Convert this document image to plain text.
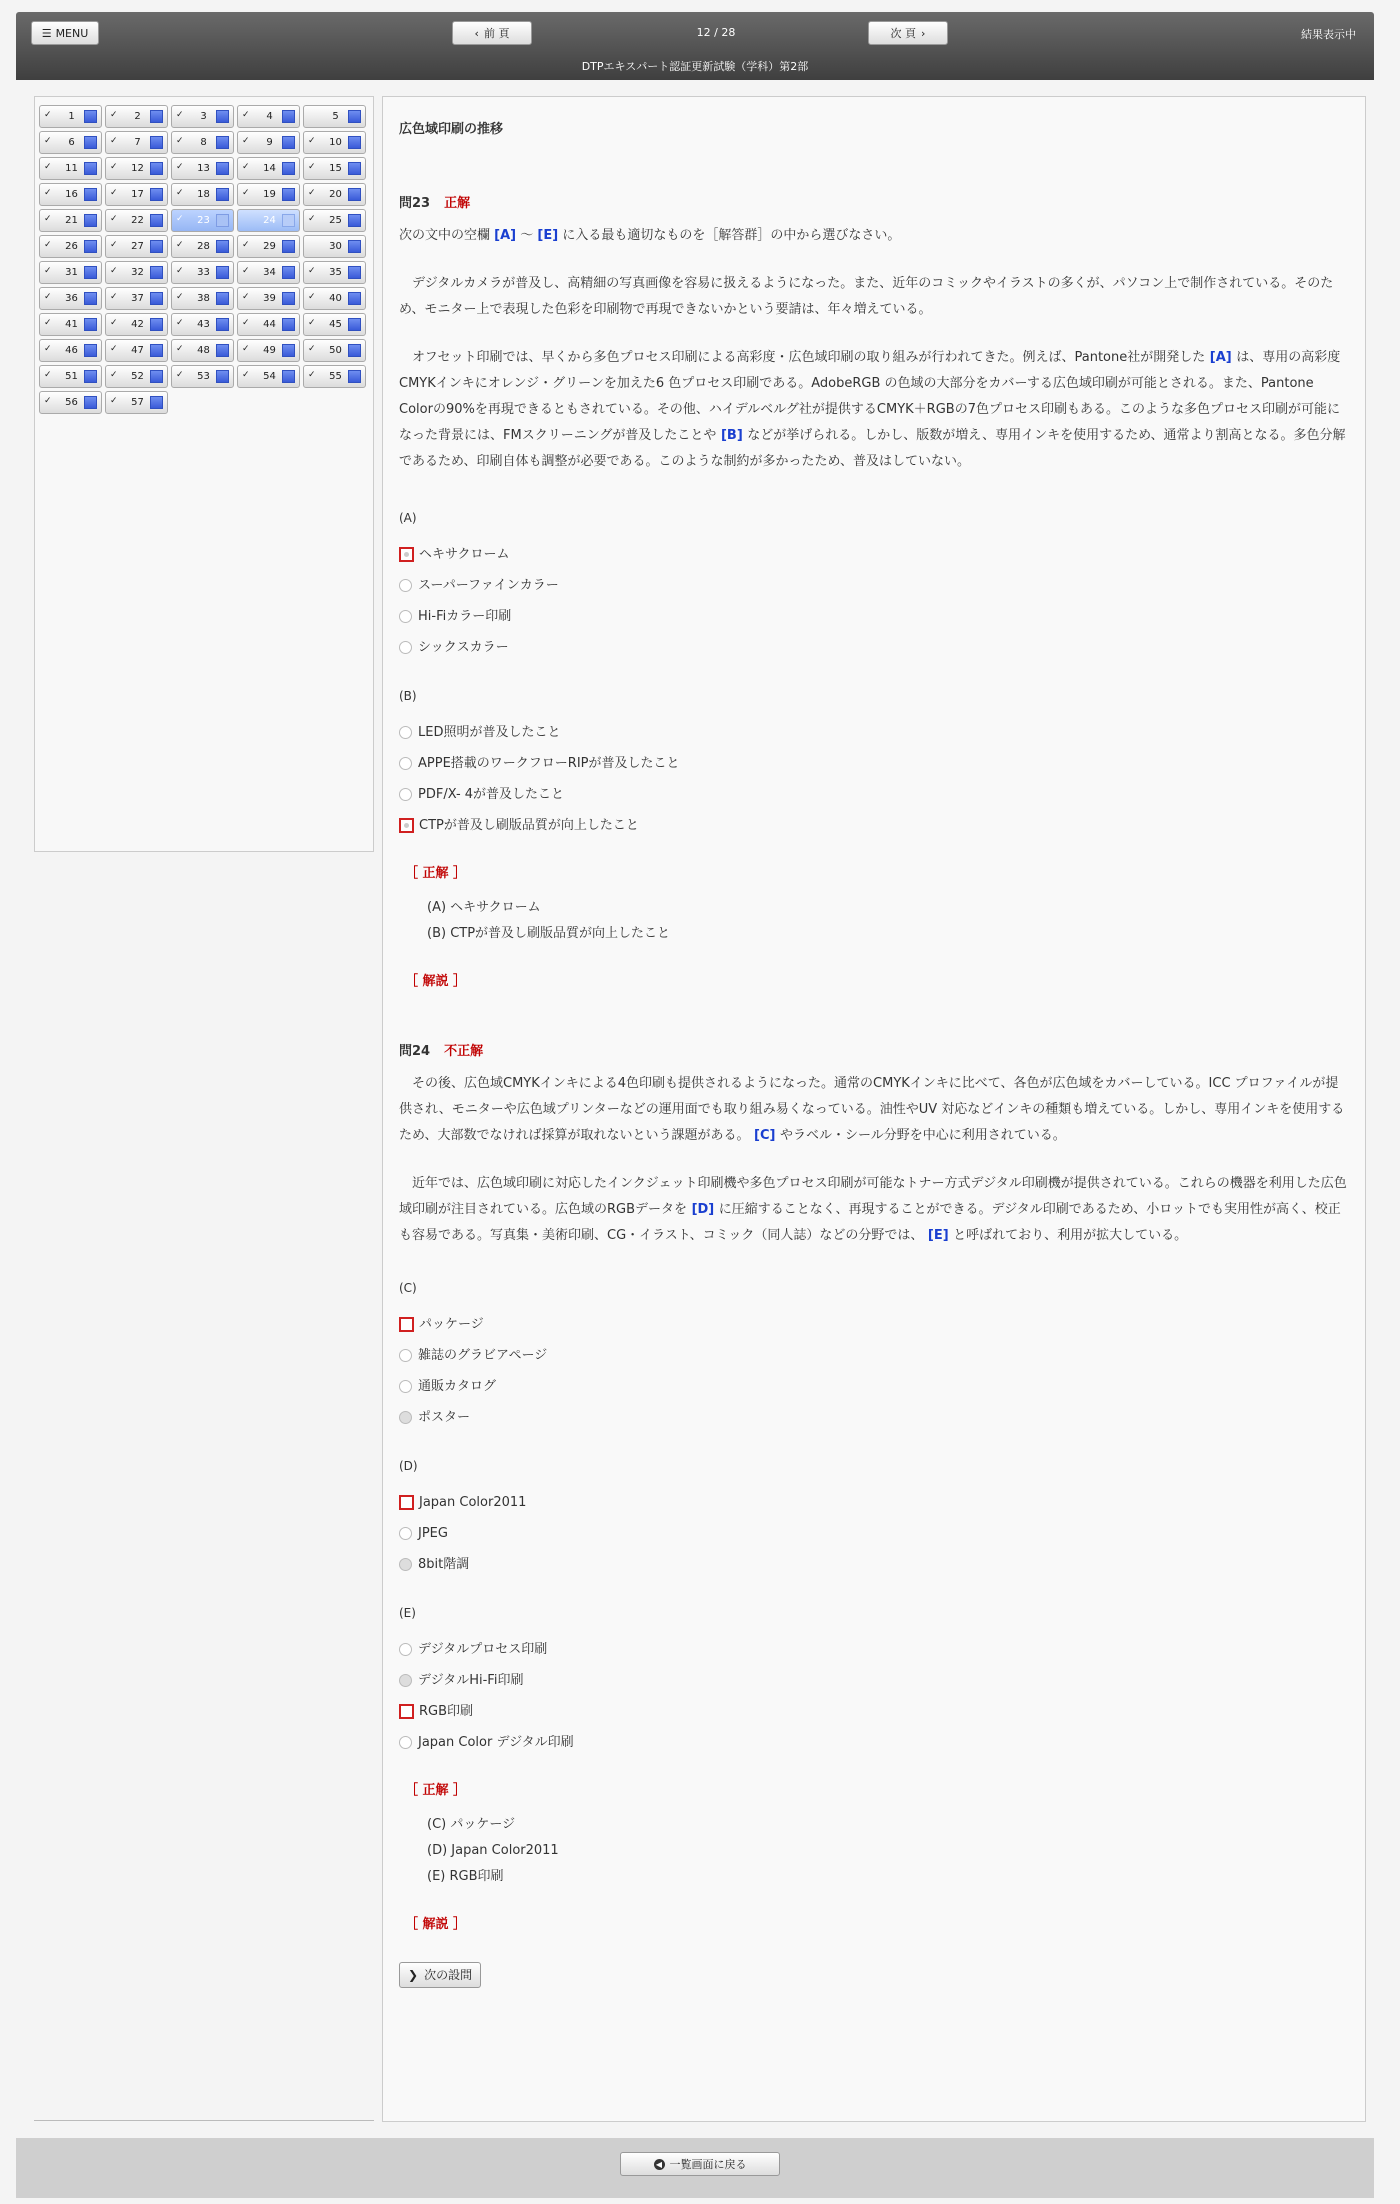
☰ MENU	‹ 前 頁	12 / 28	次 頁 ›	結果表示中
DTPエキスパート認証更新試験（学科）第2部
✓	1	✓	2	✓	3	✓	4	5
✓	6	✓	7	✓	8	✓	9	✓	10
✓	11	✓	12	✓	13	✓	14	✓	15
✓	16	✓	17	✓	18	✓	19	✓	20
✓	21	✓	22	✓	23	24	✓	25
✓	26	✓	27	✓	28	✓	29	30
✓	31	✓	32	✓	33	✓	34	✓	35
✓	36	✓	37	✓	38	✓	39	✓	40
✓	41	✓	42	✓	43	✓	44	✓	45
✓	46	✓	47	✓	48	✓	49	✓	50
✓	51	✓	52	✓	53	✓	54	✓	55
✓	56	✓	57
広色域印刷の推移
問23 正解
次の文中の空欄 [A] 〜 [E] に入る最も適切なものを［解答群］の中から選びなさい。
デジタルカメラが普及し、高精細の写真画像を容易に扱えるようになった。また、近年のコミックやイラストの多くが、パソコン上で制作されている。そのため、モニター上で表現した色彩を印刷物で再現できないかという要請は、年々増えている。
オフセット印刷では、早くから多色プロセス印刷による高彩度・広色域印刷の取り組みが行われてきた。例えば、Pantone社が開発した [A] は、専用の高彩度CMYKインキにオレンジ・グリーンを加えた6 色プロセス印刷である。AdobeRGB の色域の大部分をカバーする広色域印刷が可能とされる。また、Pantone Colorの90%を再現できるともされている。その他、ハイデルベルグ社が提供するCMYK＋RGBの7色プロセス印刷もある。このような多色プロセス印刷が可能になった背景には、FMスクリーニングが普及したことや [B] などが挙げられる。しかし、版数が増え、専用インキを使用するため、通常より割高となる。多色分解であるため、印刷自体も調整が必要である。このような制約が多かったため、普及はしていない。
(A)
ヘキサクローム
スーパーファインカラー
Hi-Fiカラー印刷
シックスカラー
(B)
LED照明が普及したこと
APPE搭載のワークフローRIPが普及したこと
PDF/X- 4が普及したこと
CTPが普及し刷版品質が向上したこと
［ 正解 ］
(A) ヘキサクローム
(B) CTPが普及し刷版品質が向上したこと
［ 解説 ］
問24 不正解
その後、広色域CMYKインキによる4色印刷も提供されるようになった。通常のCMYKインキに比べて、各色が広色域をカバーしている。ICC プロファイルが提供され、モニターや広色域プリンターなどの運用面でも取り組み易くなっている。油性やUV 対応などインキの種類も増えている。しかし、専用インキを使用するため、大部数でなければ採算が取れないという課題がある。 [C] やラベル・シール分野を中心に利用されている。
近年では、広色域印刷に対応したインクジェット印刷機や多色プロセス印刷が可能なトナー方式デジタル印刷機が提供されている。これらの機器を利用した広色域印刷が注目されている。広色域のRGBデータを [D] に圧縮することなく、再現することができる。デジタル印刷であるため、小ロットでも実用性が高く、校正も容易である。写真集・美術印刷、CG・イラスト、コミック（同人誌）などの分野では、 [E] と呼ばれており、利用が拡大している。
(C)
パッケージ
雑誌のグラビアページ
通販カタログ
ポスター
(D)
Japan Color2011
JPEG
8bit階調
(E)
デジタルプロセス印刷
デジタルHi-Fi印刷
RGB印刷
Japan Color デジタル印刷
［ 正解 ］
(C) パッケージ
(D) Japan Color2011
(E) RGB印刷
［ 解説 ］
❯ 次の設問
◀ 一覧画面に戻る
